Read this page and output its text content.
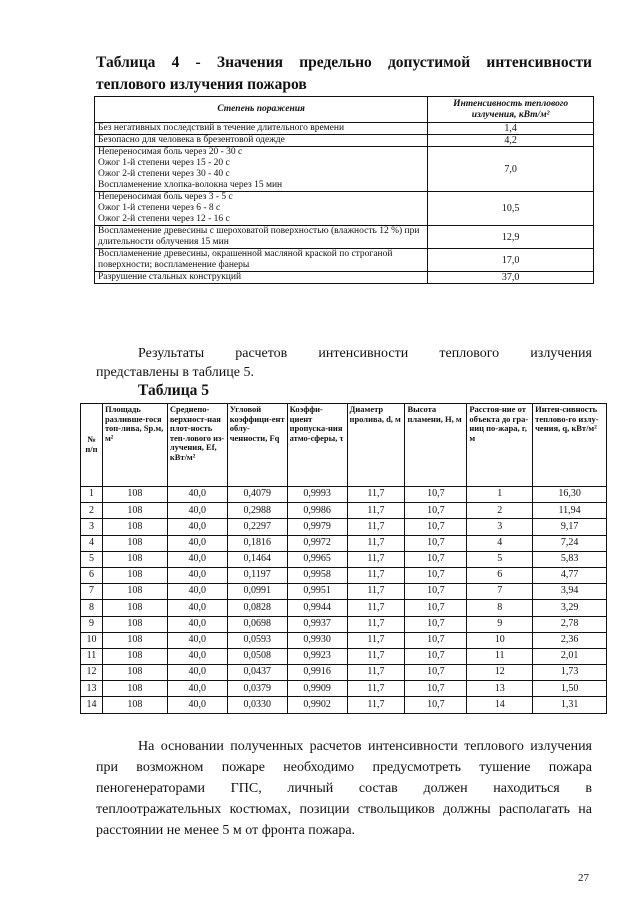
Таблица 4 - Значения предельно допустимой интенсивности
теплового излучения пожаров
Степень поражения	Интенсивность теплового излучения, кВт/м²

Без негативных последствий в течение длительного времени	1,4

Безопасно для человека в брезентовой одежде	4,2

Непереносимая боль через 20 - 30 с
Ожог 1-й степени через 15 - 20 с
Ожог 2-й степени через 30 - 40 с
Воспламенение хлопка-волокна через 15 мин	7,0

Непереносимая боль через 3 - 5 с
Ожог 1-й степени через 6 - 8 с
Ожог 2-й степени через 12 - 16 с	10,5

Воспламенение древесины с шероховатой поверхностью (влажность 12 %) при длительности облучения 15 мин	12,9

Воспламенение древесины, окрашенной масляной краской по строганой поверхности; воспламенение фанеры	17,0

Разрушение стальных конструкций	37,0
Результаты расчетов интенсивности теплового излучения
представлены в таблице 5.
Таблица 5
№ п/п	Площадь разливше-гося топ-лива, Sр.м, м²	Среднепо-верхност-ная плот-ность теп-лового из-лучения, Ef, кВт/м²	Угловой коэффици-ент облу-ченности, Fq	Коэффи-циент пропуска-ния атмо-сферы, τ	Диаметр пролива, d, м	Высота пламени, Н, м	Расстоя-ние от объекта до гра-ниц по-жара, r, м	Интен-сивность теплово-го излу-чения, q, кВт/м²
1	108	40,0	0,4079	0,9993	11,7	10,7	1	16,30
2	108	40,0	0,2988	0,9986	11,7	10,7	2	11,94
3	108	40,0	0,2297	0,9979	11,7	10,7	3	9,17
4	108	40,0	0,1816	0,9972	11,7	10,7	4	7,24
5	108	40,0	0,1464	0,9965	11,7	10,7	5	5,83
6	108	40,0	0,1197	0,9958	11,7	10,7	6	4,77
7	108	40,0	0,0991	0,9951	11,7	10,7	7	3,94
8	108	40,0	0,0828	0,9944	11,7	10,7	8	3,29
9	108	40,0	0,0698	0,9937	11,7	10,7	9	2,78
10	108	40,0	0,0593	0,9930	11,7	10,7	10	2,36
11	108	40,0	0,0508	0,9923	11,7	10,7	11	2,01
12	108	40,0	0,0437	0,9916	11,7	10,7	12	1,73
13	108	40,0	0,0379	0,9909	11,7	10,7	13	1,50
14	108	40,0	0,0330	0,9902	11,7	10,7	14	1,31
На основании полученных расчетов интенсивности теплового излучения
при возможном пожаре необходимо предусмотреть тушение пожара
пеногенераторами ГПС, личный состав должен находиться в
теплоотражательных костюмах, позиции ствольщиков должны располагать на
расстоянии не менее 5 м от фронта пожара.
27
